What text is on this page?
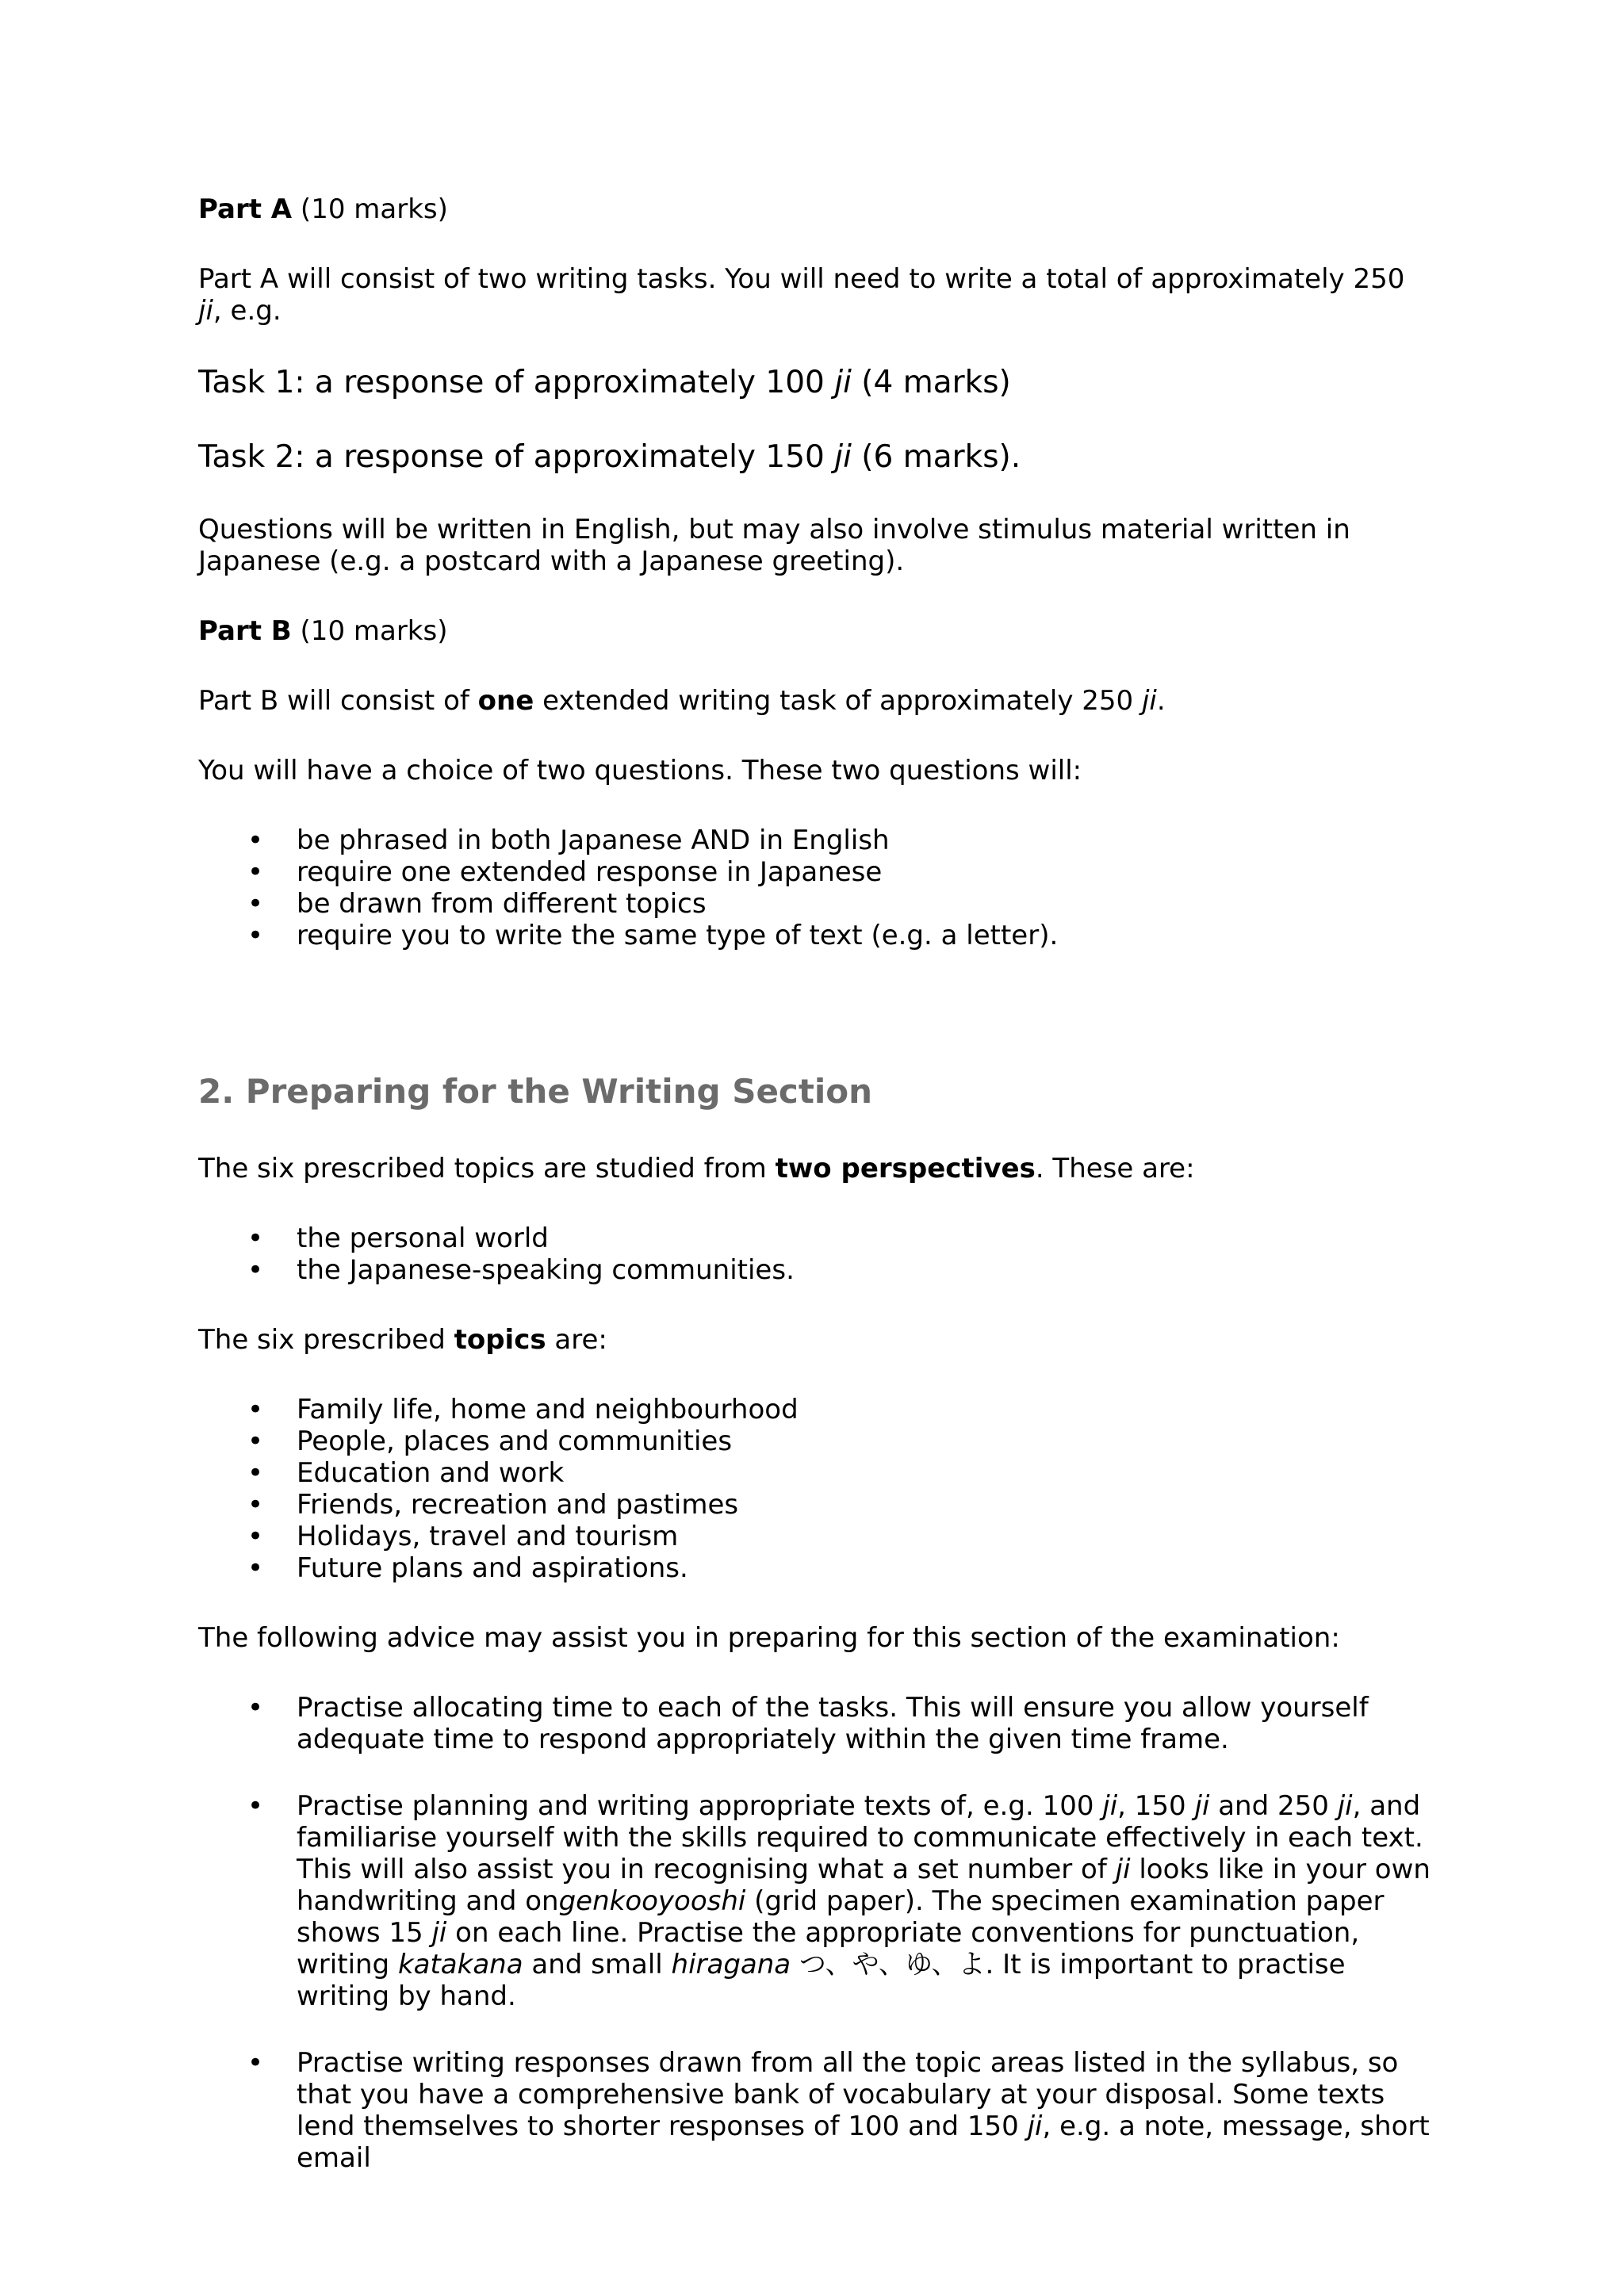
Part A (10 marks)

Part A will consist of two writing tasks. You will need to write a total of approximately 250 ji, e.g.

Task 1: a response of approximately 100 ji (4 marks)

Task 2: a response of approximately 150 ji (6 marks).

Questions will be written in English, but may also involve stimulus material written in Japanese (e.g. a postcard with a Japanese greeting).

Part B (10 marks)

Part B will consist of one extended writing task of approximately 250 ji.

You will have a choice of two questions. These two questions will:

• be phrased in both Japanese AND in English
• require one extended response in Japanese
• be drawn from different topics
• require you to write the same type of text (e.g. a letter).
2. Preparing for the Writing Section

The six prescribed topics are studied from two perspectives. These are:

• the personal world
• the Japanese-speaking communities.

The six prescribed topics are:

• Family life, home and neighbourhood
• People, places and communities
• Education and work
• Friends, recreation and pastimes
• Holidays, travel and tourism
• Future plans and aspirations.

The following advice may assist you in preparing for this section of the examination:

• Practise allocating time to each of the tasks. This will ensure you allow yourself adequate time to respond appropriately within the given time frame.
• Practise planning and writing appropriate texts of, e.g. 100 ji, 150 ji and 250 ji, and familiarise yourself with the skills required to communicate effectively in each text. This will also assist you in recognising what a set number of ji looks like in your own handwriting and ongenkooyooshi (grid paper). The specimen examination paper shows 15 ji on each line. Practise the appropriate conventions for punctuation, writing katakana and small hiragana つ、や、ゆ、よ. It is important to practise writing by hand.
• Practise writing responses drawn from all the topic areas listed in the syllabus, so that you have a comprehensive bank of vocabulary at your disposal. Some texts lend themselves to shorter responses of 100 and 150 ji, e.g. a note, message, short email
